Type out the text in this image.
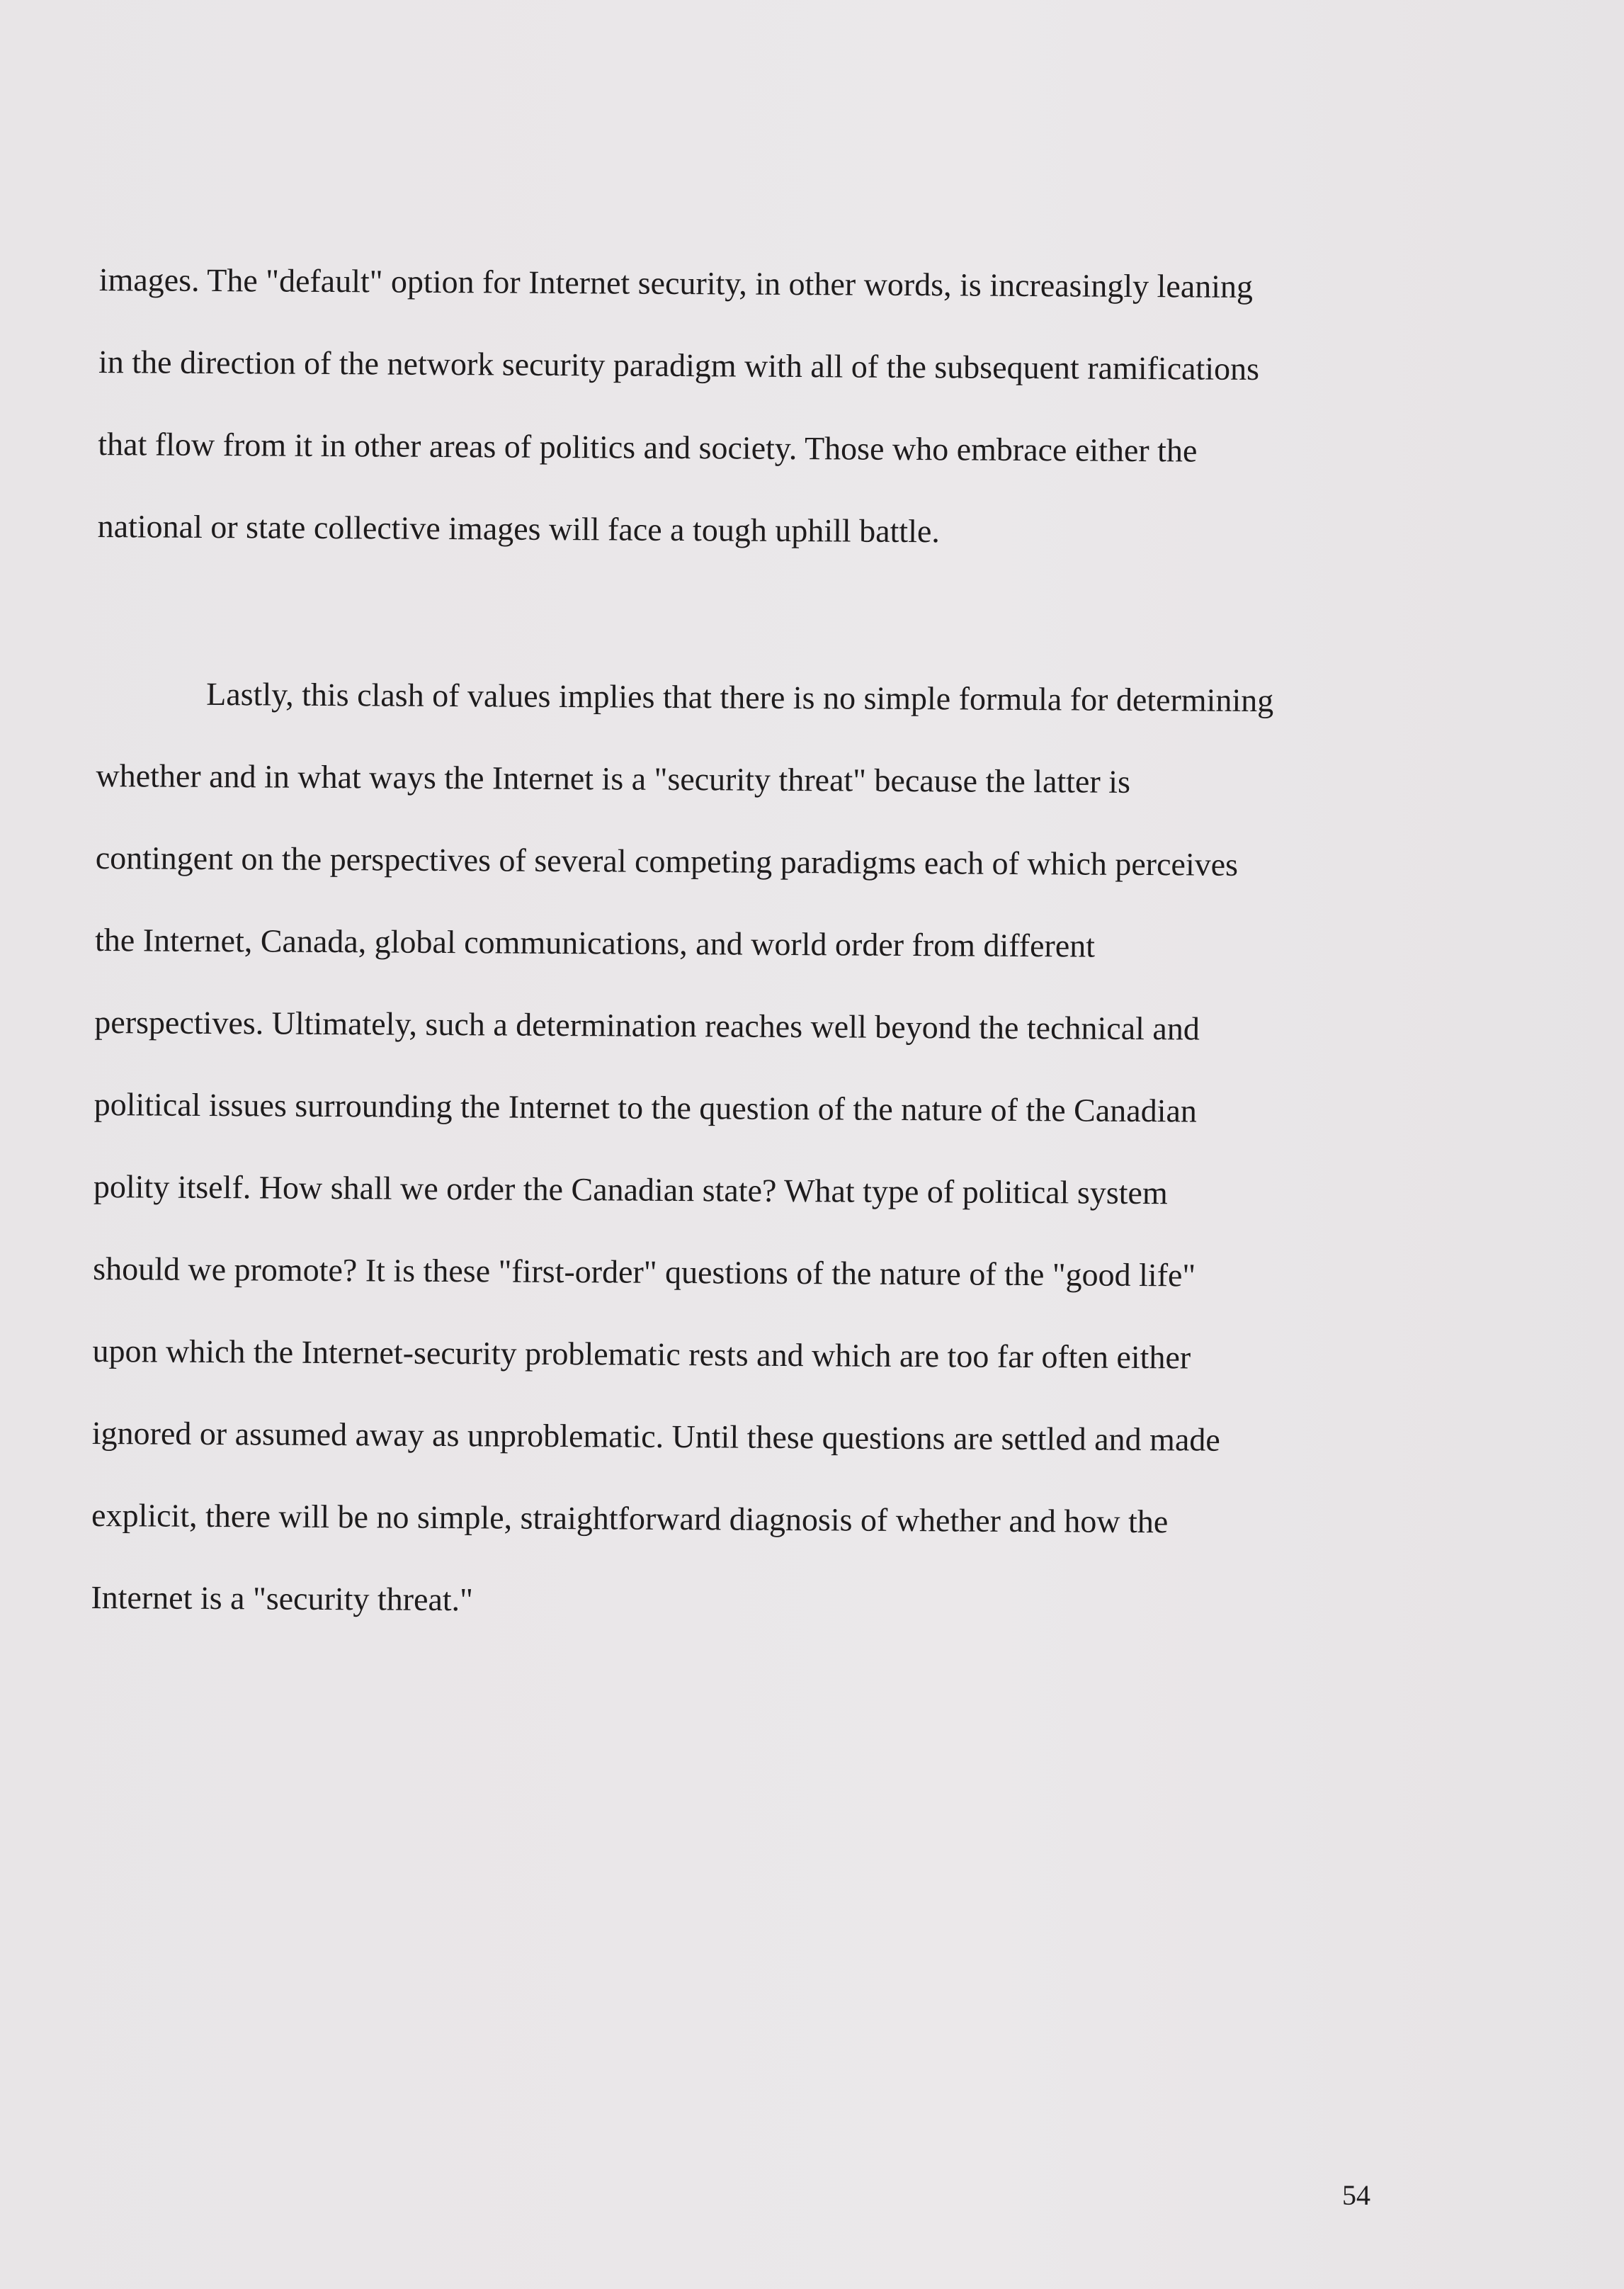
images. The "default" option for Internet security, in other words, is increasingly leaning
in the direction of the network security paradigm with all of the subsequent ramifications
that flow from it in other areas of politics and society. Those who embrace either the
national or state collective images will face a tough uphill battle.
Lastly, this clash of values implies that there is no simple formula for determining
whether and in what ways the Internet is a "security threat" because the latter is
contingent on the perspectives of several competing paradigms each of which perceives
the Internet, Canada, global communications, and world order from different
perspectives. Ultimately, such a determination reaches well beyond the technical and
political issues surrounding the Internet to the question of the nature of the Canadian
polity itself. How shall we order the Canadian state? What type of political system
should we promote? It is these "first-order" questions of the nature of the "good life"
upon which the Internet-security problematic rests and which are too far often either
ignored or assumed away as unproblematic. Until these questions are settled and made
explicit, there will be no simple, straightforward diagnosis of whether and how the
Internet is a "security threat."
54
